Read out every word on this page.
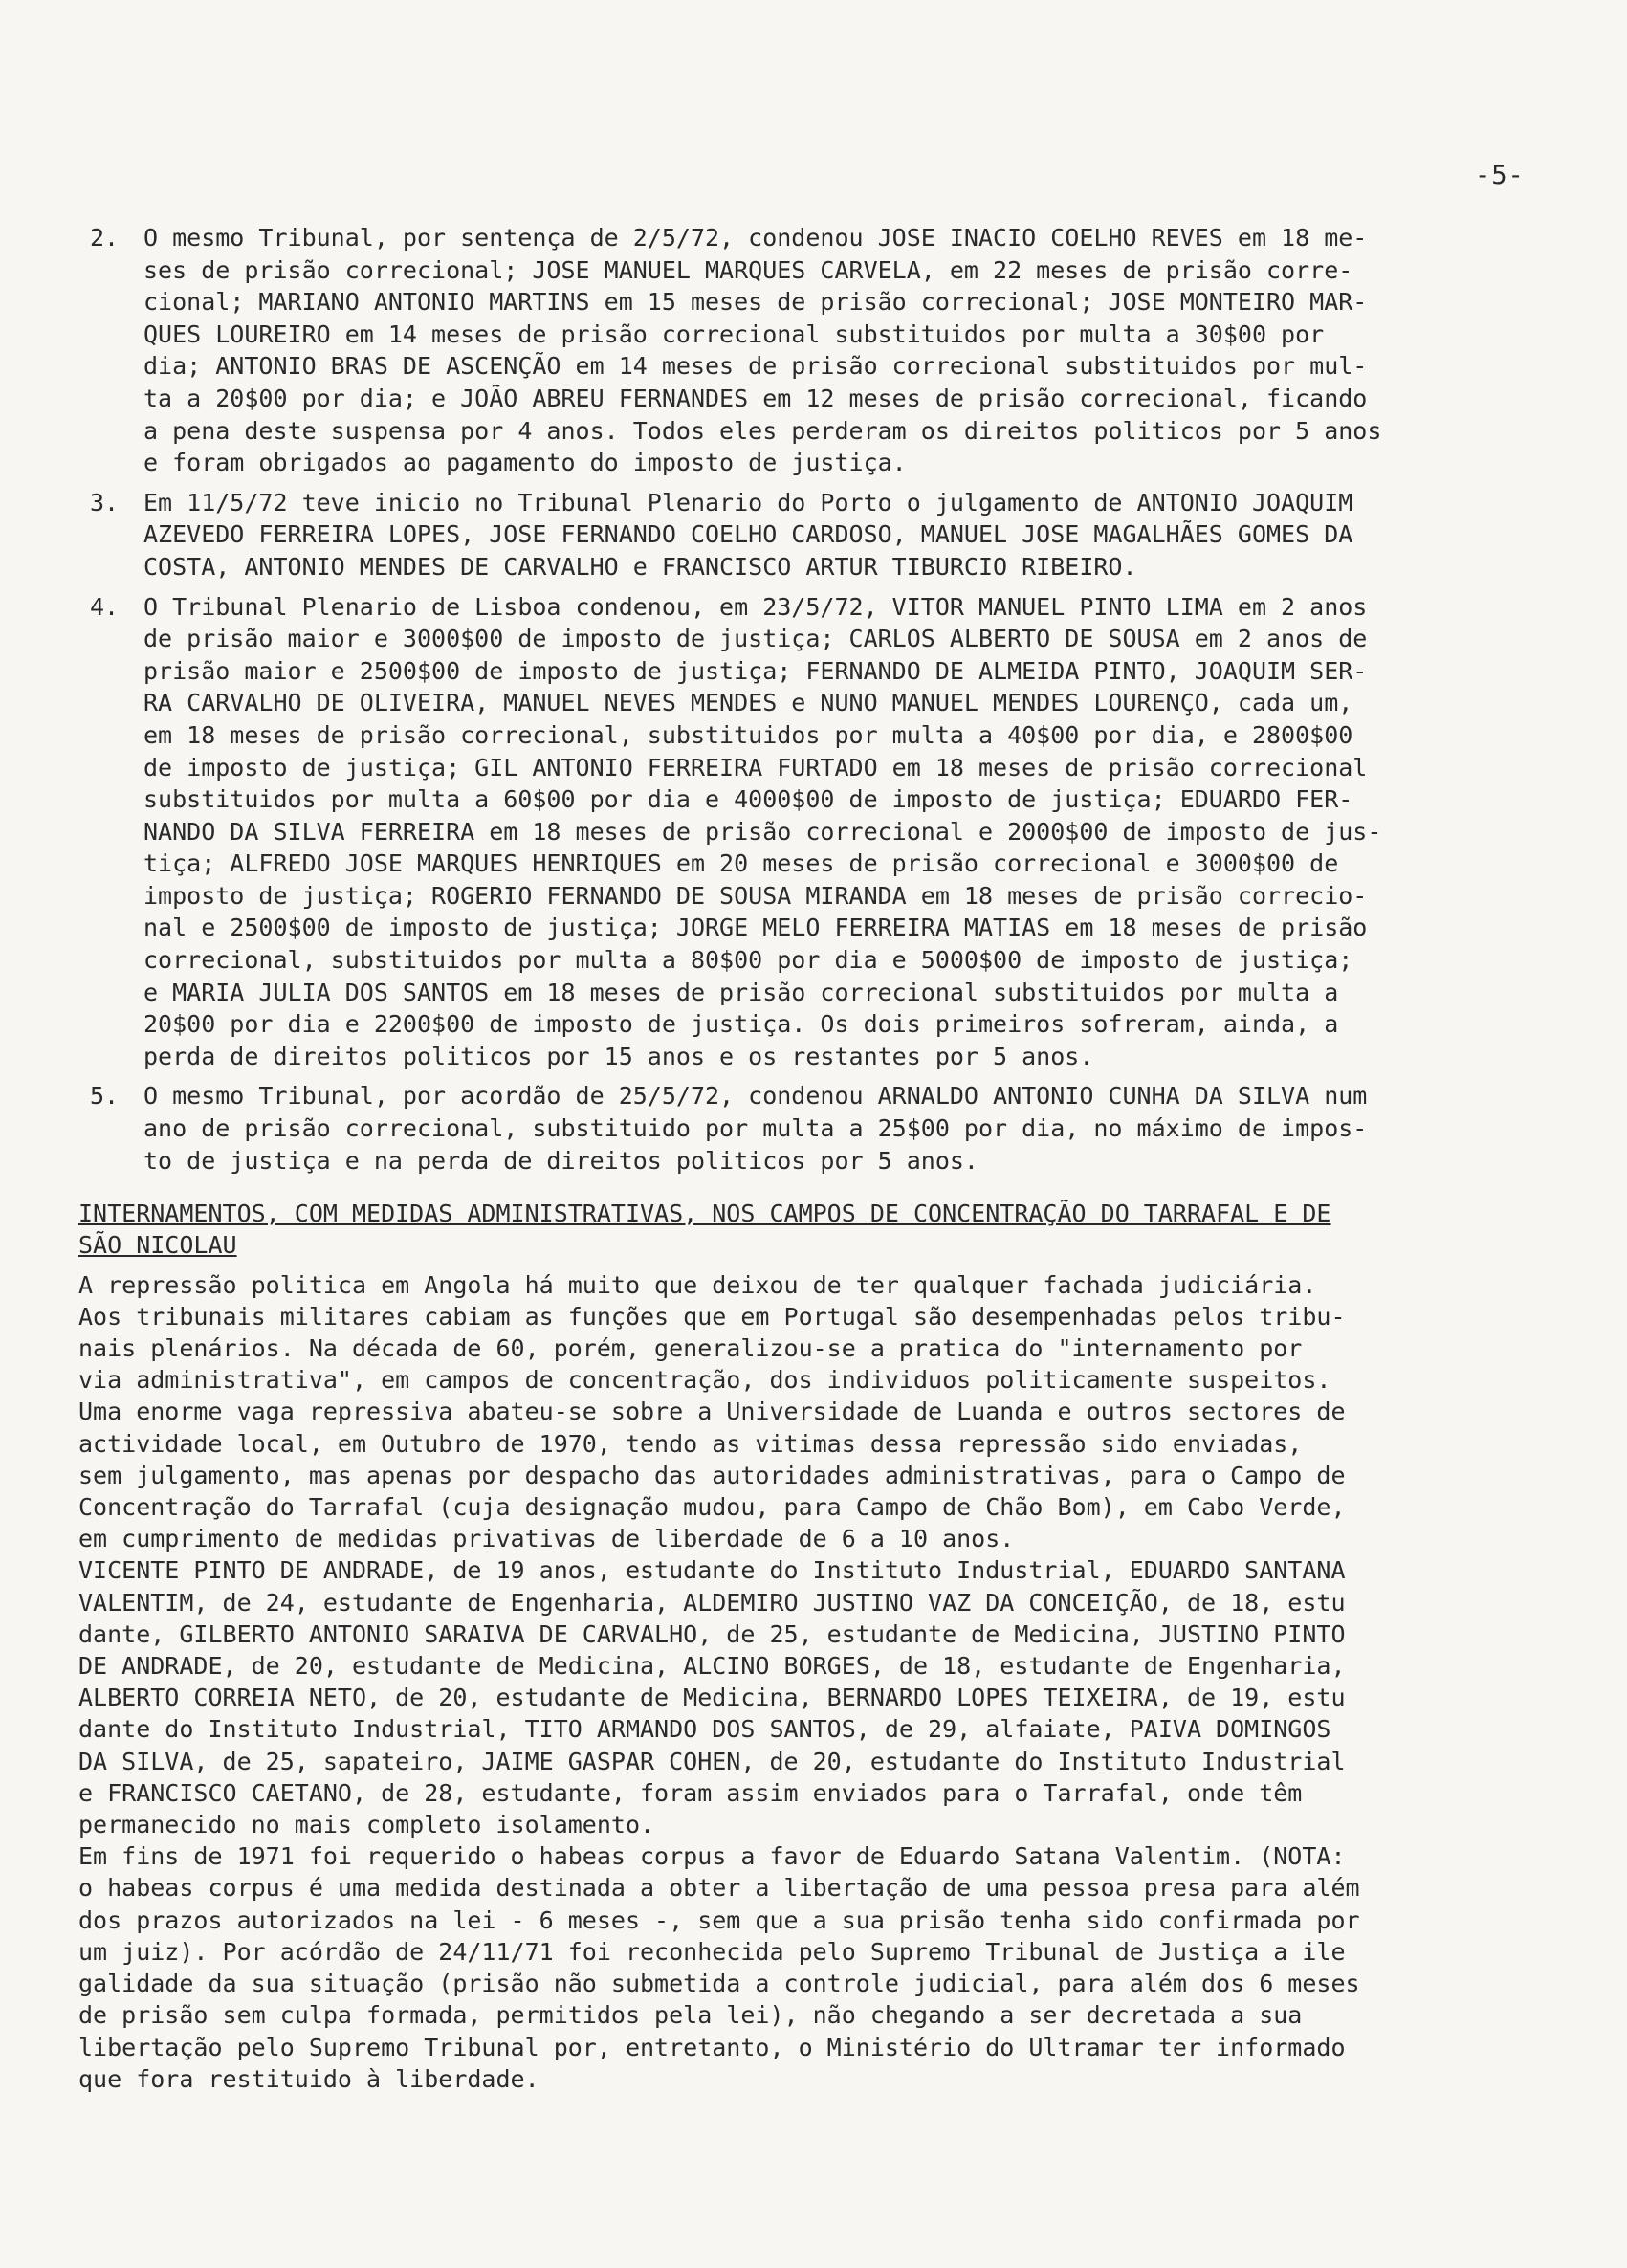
-5-
2. O mesmo Tribunal, por sentença de 2/5/72, condenou JOSE INACIO COELHO REVES em 18 me-
ses de prisão correcional; JOSE MANUEL MARQUES CARVELA, em 22 meses de prisão corre-
cional; MARIANO ANTONIO MARTINS em 15 meses de prisão correcional; JOSE MONTEIRO MAR-
QUES LOUREIRO em 14 meses de prisão correcional substituidos por multa a 30$00 por
dia; ANTONIO BRAS DE ASCENÇÃO em 14 meses de prisão correcional substituidos por mul-
ta a 20$00 por dia; e JOÃO ABREU FERNANDES em 12 meses de prisão correcional, ficando
a pena deste suspensa por 4 anos. Todos eles perderam os direitos politicos por 5 anos
e foram obrigados ao pagamento do imposto de justiça.
3. Em 11/5/72 teve inicio no Tribunal Plenario do Porto o julgamento de ANTONIO JOAQUIM
AZEVEDO FERREIRA LOPES, JOSE FERNANDO COELHO CARDOSO, MANUEL JOSE MAGALHÃES GOMES DA
COSTA, ANTONIO MENDES DE CARVALHO e FRANCISCO ARTUR TIBURCIO RIBEIRO.
4. O Tribunal Plenario de Lisboa condenou, em 23/5/72, VITOR MANUEL PINTO LIMA em 2 anos
de prisão maior e 3000$00 de imposto de justiça; CARLOS ALBERTO DE SOUSA em 2 anos de
prisão maior e 2500$00 de imposto de justiça; FERNANDO DE ALMEIDA PINTO, JOAQUIM SER-
RA CARVALHO DE OLIVEIRA, MANUEL NEVES MENDES e NUNO MANUEL MENDES LOURENÇO, cada um,
em 18 meses de prisão correcional, substituidos por multa a 40$00 por dia, e 2800$00
de imposto de justiça; GIL ANTONIO FERREIRA FURTADO em 18 meses de prisão correcional
substituidos por multa a 60$00 por dia e 4000$00 de imposto de justiça; EDUARDO FER-
NANDO DA SILVA FERREIRA em 18 meses de prisão correcional e 2000$00 de imposto de jus-
tiça; ALFREDO JOSE MARQUES HENRIQUES em 20 meses de prisão correcional e 3000$00 de
imposto de justiça; ROGERIO FERNANDO DE SOUSA MIRANDA em 18 meses de prisão correcio-
nal e 2500$00 de imposto de justiça; JORGE MELO FERREIRA MATIAS em 18 meses de prisão
correcional, substituidos por multa a 80$00 por dia e 5000$00 de imposto de justiça;
e MARIA JULIA DOS SANTOS em 18 meses de prisão correcional substituidos por multa a
20$00 por dia e 2200$00 de imposto de justiça. Os dois primeiros sofreram, ainda, a
perda de direitos politicos por 15 anos e os restantes por 5 anos.
5. O mesmo Tribunal, por acordão de 25/5/72, condenou ARNALDO ANTONIO CUNHA DA SILVA num
ano de prisão correcional, substituido por multa a 25$00 por dia, no máximo de impos-
to de justiça e na perda de direitos politicos por 5 anos.
INTERNAMENTOS, COM MEDIDAS ADMINISTRATIVAS, NOS CAMPOS DE CONCENTRAÇÃO DO TARRAFAL E DE
SÃO NICOLAU
A repressão politica em Angola há muito que deixou de ter qualquer fachada judiciária.
Aos tribunais militares cabiam as funções que em Portugal são desempenhadas pelos tribu-
nais plenários. Na década de 60, porém, generalizou-se a pratica do "internamento por
via administrativa", em campos de concentração, dos individuos politicamente suspeitos.
Uma enorme vaga repressiva abateu-se sobre a Universidade de Luanda e outros sectores de
actividade local, em Outubro de 1970, tendo as vitimas dessa repressão sido enviadas,
sem julgamento, mas apenas por despacho das autoridades administrativas, para o Campo de
Concentração do Tarrafal (cuja designação mudou, para Campo de Chão Bom), em Cabo Verde,
em cumprimento de medidas privativas de liberdade de 6 a 10 anos.
VICENTE PINTO DE ANDRADE, de 19 anos, estudante do Instituto Industrial, EDUARDO SANTANA
VALENTIM, de 24, estudante de Engenharia, ALDEMIRO JUSTINO VAZ DA CONCEIÇÃO, de 18, estu
dante, GILBERTO ANTONIO SARAIVA DE CARVALHO, de 25, estudante de Medicina, JUSTINO PINTO
DE ANDRADE, de 20, estudante de Medicina, ALCINO BORGES, de 18, estudante de Engenharia,
ALBERTO CORREIA NETO, de 20, estudante de Medicina, BERNARDO LOPES TEIXEIRA, de 19, estu
dante do Instituto Industrial, TITO ARMANDO DOS SANTOS, de 29, alfaiate, PAIVA DOMINGOS
DA SILVA, de 25, sapateiro, JAIME GASPAR COHEN, de 20, estudante do Instituto Industrial
e FRANCISCO CAETANO, de 28, estudante, foram assim enviados para o Tarrafal, onde têm
permanecido no mais completo isolamento.
Em fins de 1971 foi requerido o habeas corpus a favor de Eduardo Satana Valentim. (NOTA:
o habeas corpus é uma medida destinada a obter a libertação de uma pessoa presa para além
dos prazos autorizados na lei - 6 meses -, sem que a sua prisão tenha sido confirmada por
um juiz). Por acórdão de 24/11/71 foi reconhecida pelo Supremo Tribunal de Justiça a ile
galidade da sua situação (prisão não submetida a controle judicial, para além dos 6 meses
de prisão sem culpa formada, permitidos pela lei), não chegando a ser decretada a sua
libertação pelo Supremo Tribunal por, entretanto, o Ministério do Ultramar ter informado
que fora restituido à liberdade.
